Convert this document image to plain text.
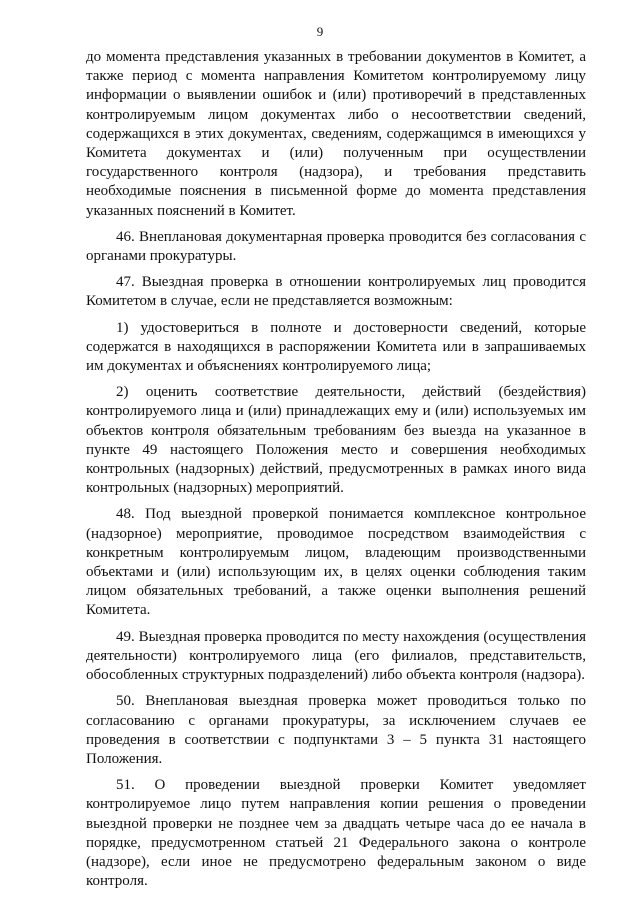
9

до момента представления указанных в требовании документов в Комитет, а также период с момента направления Комитетом контролируемому лицу информации о выявлении ошибок и (или) противоречий в представленных контролируемым лицом документах либо о несоответствии сведений, содержащихся в этих документах, сведениям, содержащимся в имеющихся у Комитета документах и (или) полученным при осуществлении государственного контроля (надзора), и требования представить необходимые пояснения в письменной форме до момента представления указанных пояснений в Комитет.

46. Внеплановая документарная проверка проводится без согласования с органами прокуратуры.

47. Выездная проверка в отношении контролируемых лиц проводится Комитетом в случае, если не представляется возможным:

1) удостовериться в полноте и достоверности сведений, которые содержатся в находящихся в распоряжении Комитета или в запрашиваемых им документах и объяснениях контролируемого лица;

2) оценить соответствие деятельности, действий (бездействия) контролируемого лица и (или) принадлежащих ему и (или) используемых им объектов контроля обязательным требованиям без выезда на указанное в пункте 49 настоящего Положения место и совершения необходимых контрольных (надзорных) действий, предусмотренных в рамках иного вида контрольных (надзорных) мероприятий.

48. Под выездной проверкой понимается комплексное контрольное (надзорное) мероприятие, проводимое посредством взаимодействия с конкретным контролируемым лицом, владеющим производственными объектами и (или) использующим их, в целях оценки соблюдения таким лицом обязательных требований, а также оценки выполнения решений Комитета.

49. Выездная проверка проводится по месту нахождения (осуществления деятельности) контролируемого лица (его филиалов, представительств, обособленных структурных подразделений) либо объекта контроля (надзора).

50. Внеплановая выездная проверка может проводиться только по согласованию с органами прокуратуры, за исключением случаев ее проведения в соответствии с подпунктами 3 – 5 пункта 31 настоящего Положения.

51. О проведении выездной проверки Комитет уведомляет контролируемое лицо путем направления копии решения о проведении выездной проверки не позднее чем за двадцать четыре часа до ее начала в порядке, предусмотренном статьей 21 Федерального закона о контроле (надзоре), если иное не предусмотрено федеральным законом о виде контроля.
